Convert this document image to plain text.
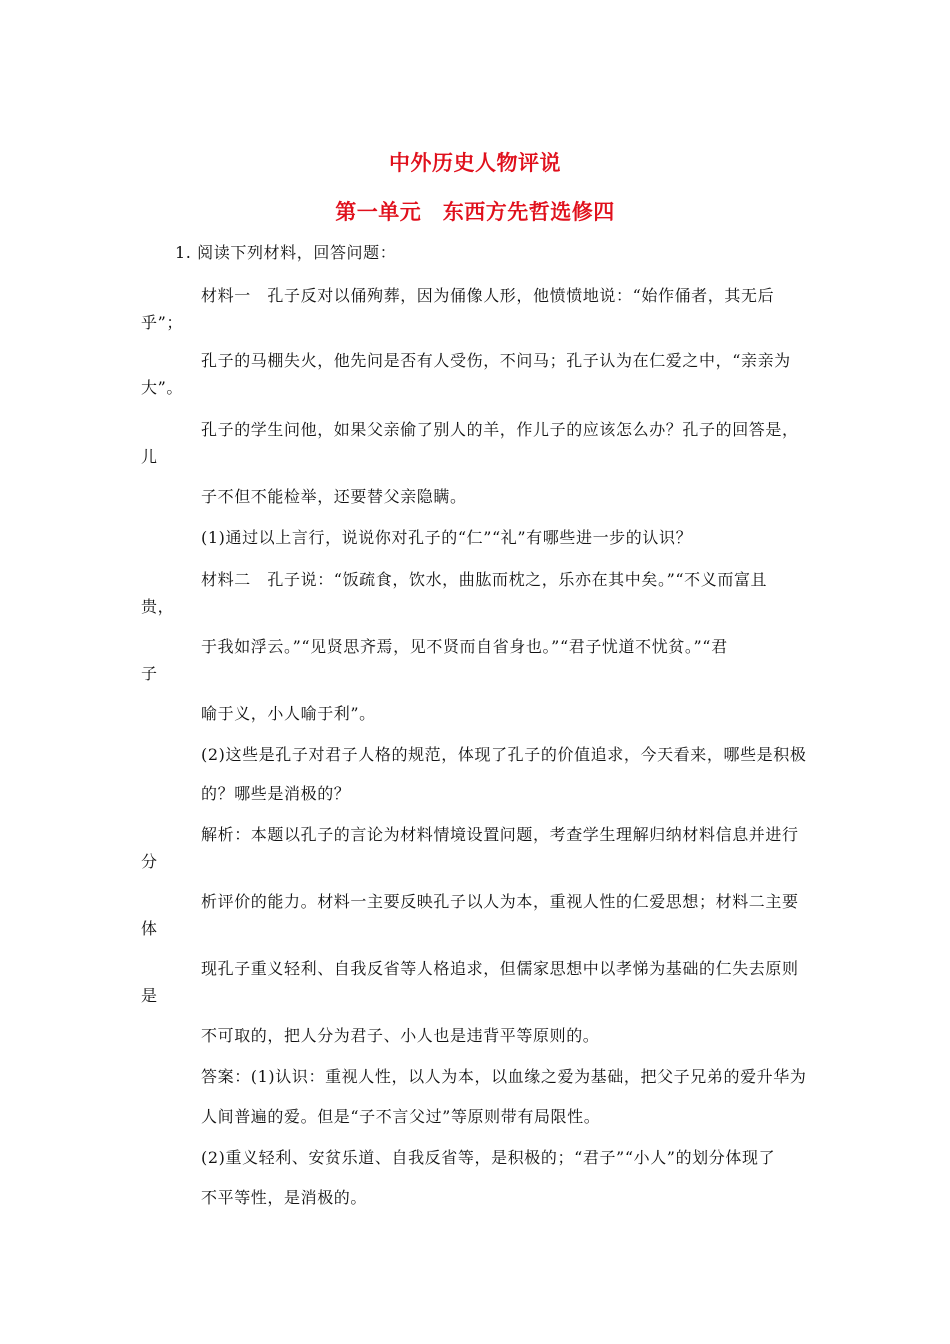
中外历史人物评说
第一单元　东西方先哲选修四
1. 阅读下列材料，回答问题：
材料一　孔子反对以俑殉葬，因为俑像人形，他愤愤地说：“始作俑者，其无后
乎”；
孔子的马棚失火，他先问是否有人受伤，不问马；孔子认为在仁爱之中，“亲亲为
大”。
孔子的学生问他，如果父亲偷了别人的羊，作儿子的应该怎么办？孔子的回答是，
儿
子不但不能检举，还要替父亲隐瞒。
(1)通过以上言行，说说你对孔子的“仁”“礼”有哪些进一步的认识？
材料二　孔子说：“饭疏食，饮水，曲肱而枕之，乐亦在其中矣。”“不义而富且
贵，
于我如浮云。”“见贤思齐焉，见不贤而自省身也。”“君子忧道不忧贫。”“君
子
喻于义，小人喻于利”。
(2)这些是孔子对君子人格的规范，体现了孔子的价值追求，今天看来，哪些是积极
的？哪些是消极的？
解析：本题以孔子的言论为材料情境设置问题，考查学生理解归纳材料信息并进行
分
析评价的能力。材料一主要反映孔子以人为本，重视人性的仁爱思想；材料二主要
体
现孔子重义轻利、自我反省等人格追求，但儒家思想中以孝悌为基础的仁失去原则
是
不可取的，把人分为君子、小人也是违背平等原则的。
答案：(1)认识：重视人性，以人为本，以血缘之爱为基础，把父子兄弟的爱升华为
人间普遍的爱。但是“子不言父过”等原则带有局限性。
(2)重义轻利、安贫乐道、自我反省等，是积极的；“君子”“小人”的划分体现了
不平等性，是消极的。
